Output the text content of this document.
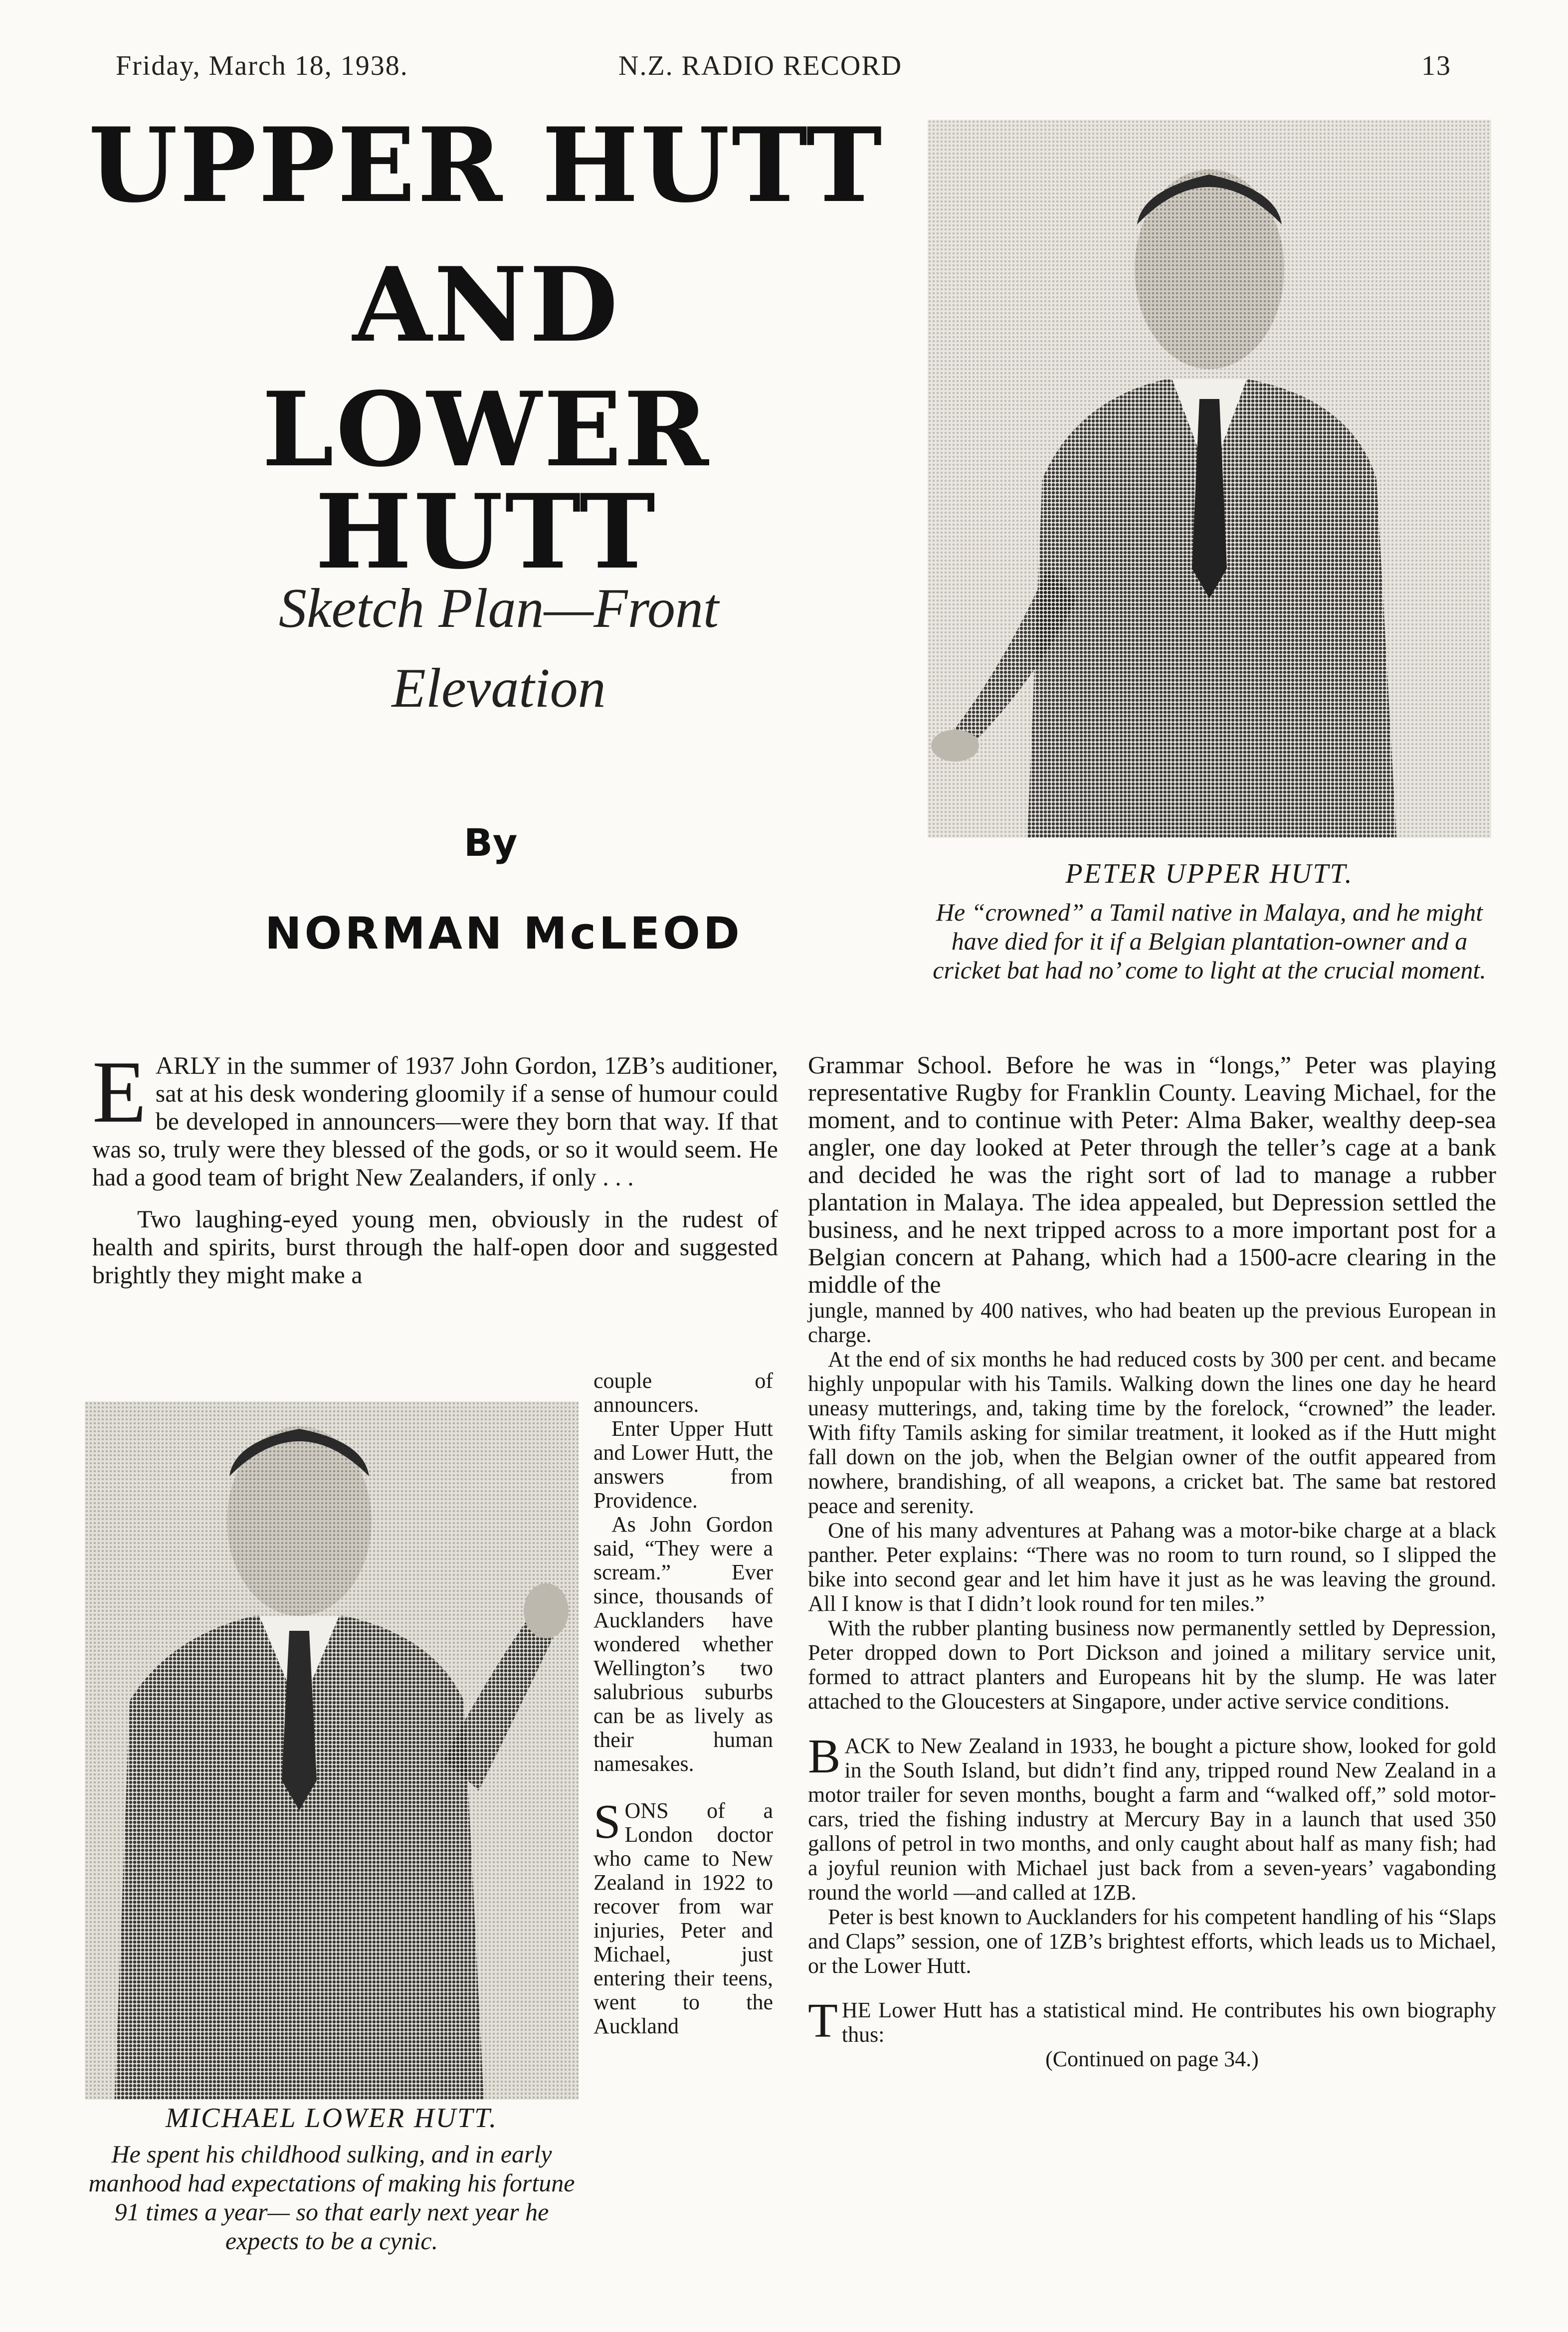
Friday, March 18, 1938.	N.Z. RADIO RECORD	13
UPPER HUTT
AND
LOWER HUTT
Sketch Plan—Front
Elevation
By
NORMAN McLEOD
PETER UPPER HUTT.
He “crowned” a Tamil native in Malaya, and he might have died for it if a Belgian plantation-owner and a cricket bat had no’ come to light at the crucial moment.

EARLY in the summer of 1937 John Gordon, 1ZB’s auditioner, sat at his desk wondering gloomily if a sense of humour could be developed in announcers—were they born that way. If that was so, truly were they blessed of the gods, or so it would seem. He had a good team of bright New Zealanders, if only . . .

Two laughing-eyed young men, obviously in the rudest of health and spirits, burst through the half-open door and suggested brightly they might make a

MICHAEL LOWER HUTT.
He spent his childhood sulking, and in early manhood had expectations of making his fortune 91 times a year— so that early next year he expects to be a cynic.

couple of announcers.

Enter Upper Hutt and Lower Hutt, the answers from Providence.

As John Gordon said, “They were a scream.” Ever since, thousands of Aucklanders have wondered whether Wellington’s two salubrious suburbs can be as lively as their human namesakes.

SONS of a London doctor who came to New Zealand in 1922 to recover from war injuries, Peter and Michael, just entering their teens, went to the Auckland

Grammar School. Before he was in “longs,” Peter was playing representative Rugby for Franklin County. Leaving Michael, for the moment, and to continue with Peter: Alma Baker, wealthy deep-sea angler, one day looked at Peter through the teller’s cage at a bank and decided he was the right sort of lad to manage a rubber plantation in Malaya. The idea appealed, but Depression settled the business, and he next tripped across to a more important post for a Belgian concern at Pahang, which had a 1500-acre clearing in the middle of the

jungle, manned by 400 natives, who had beaten up the previous European in charge.

At the end of six months he had reduced costs by 300 per cent. and became highly unpopular with his Tamils. Walking down the lines one day he heard uneasy mutterings, and, taking time by the forelock, “crowned” the leader. With fifty Tamils asking for similar treatment, it looked as if the Hutt might fall down on the job, when the Belgian owner of the outfit appeared from nowhere, brandishing, of all weapons, a cricket bat. The same bat restored peace and serenity.

One of his many adventures at Pahang was a motor-bike charge at a black panther. Peter explains: “There was no room to turn round, so I slipped the bike into second gear and let him have it just as he was leaving the ground. All I know is that I didn’t look round for ten miles.”

With the rubber planting business now permanently settled by Depression, Peter dropped down to Port Dickson and joined a military service unit, formed to attract planters and Europeans hit by the slump. He was later attached to the Gloucesters at Singapore, under active service conditions.

BACK to New Zealand in 1933, he bought a picture show, looked for gold in the South Island, but didn’t find any, tripped round New Zealand in a motor trailer for seven months, bought a farm and “walked off,” sold motor-cars, tried the fishing industry at Mercury Bay in a launch that used 350 gallons of petrol in two months, and only caught about half as many fish; had a joyful reunion with Michael just back from a seven-years’ vagabonding round the world —and called at 1ZB.

Peter is best known to Aucklanders for his competent handling of his “Slaps and Claps” session, one of 1ZB’s brightest efforts, which leads us to Michael, or the Lower Hutt.

THE Lower Hutt has a statistical mind. He contributes his own biography thus:

(Continued on page 34.)
